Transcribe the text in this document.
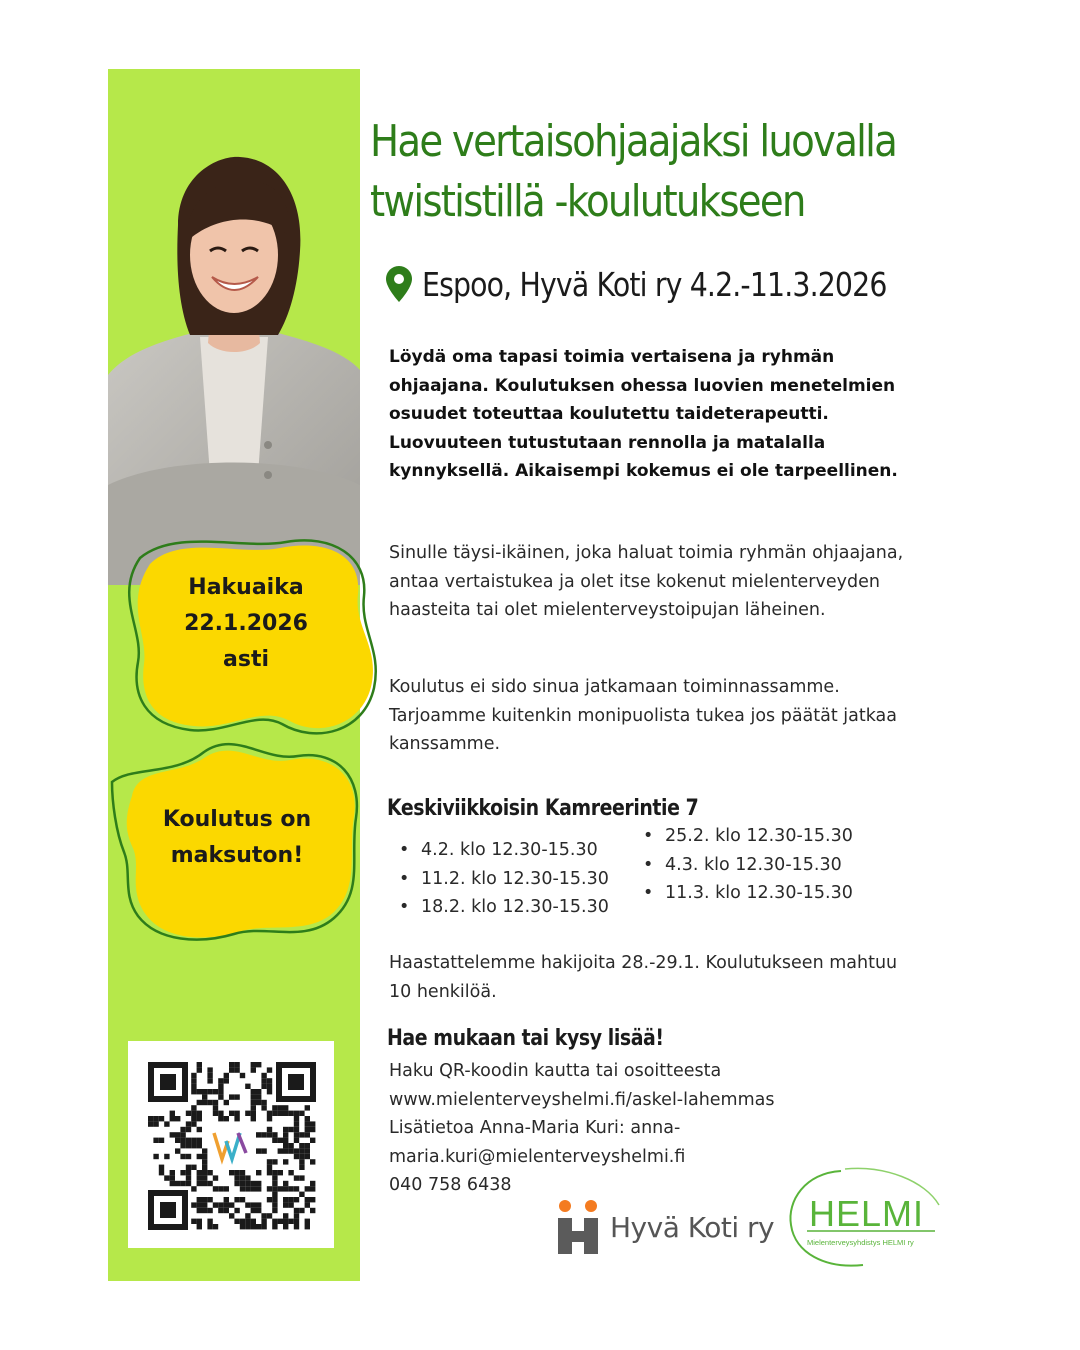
Hakuaika
22.1.2026
asti
Koulutus on
maksuton!
Hae vertaisohjaajaksi luovalla twististillä -koulutukseen
Espoo, Hyvä Koti ry 4.2.-11.3.2026

Löydä oma tapasi toimia vertaisena ja ryhmän ohjaajana. Koulutuksen ohessa luovien menetelmien osuudet toteuttaa koulutettu taideterapeutti. Luovuuteen tutustutaan rennolla ja matalalla kynnyksellä. Aikaisempi kokemus ei ole tarpeellinen.

Sinulle täysi-ikäinen, joka haluat toimia ryhmän ohjaajana, antaa vertaistukea ja olet itse kokenut mielenterveyden haasteita tai olet mielenterveystoipujan läheinen.

Koulutus ei sido sinua jatkamaan toiminnassamme. Tarjoamme kuitenkin monipuolista tukea jos päätät jatkaa kanssamme.

Keskiviikkoisin Kamreerintie 7
• 4.2. klo 12.30-15.30
• 11.2. klo 12.30-15.30
• 18.2. klo 12.30-15.30
• 25.2. klo 12.30-15.30
• 4.3. klo 12.30-15.30
• 11.3. klo 12.30-15.30

Haastattelemme hakijoita 28.-29.1. Koulutukseen mahtuu 10 henkilöä.

Hae mukaan tai kysy lisää!
Haku QR-koodin kautta tai osoitteesta
www.mielenterveyshelmi.fi/askel-lahemmas
Lisätietoa Anna-Maria Kuri: anna-
maria.kuri@mielenterveyshelmi.fi
040 758 6438
Hyvä Koti ry HELMI
Mielenterveysyhdistys HELMI ry
